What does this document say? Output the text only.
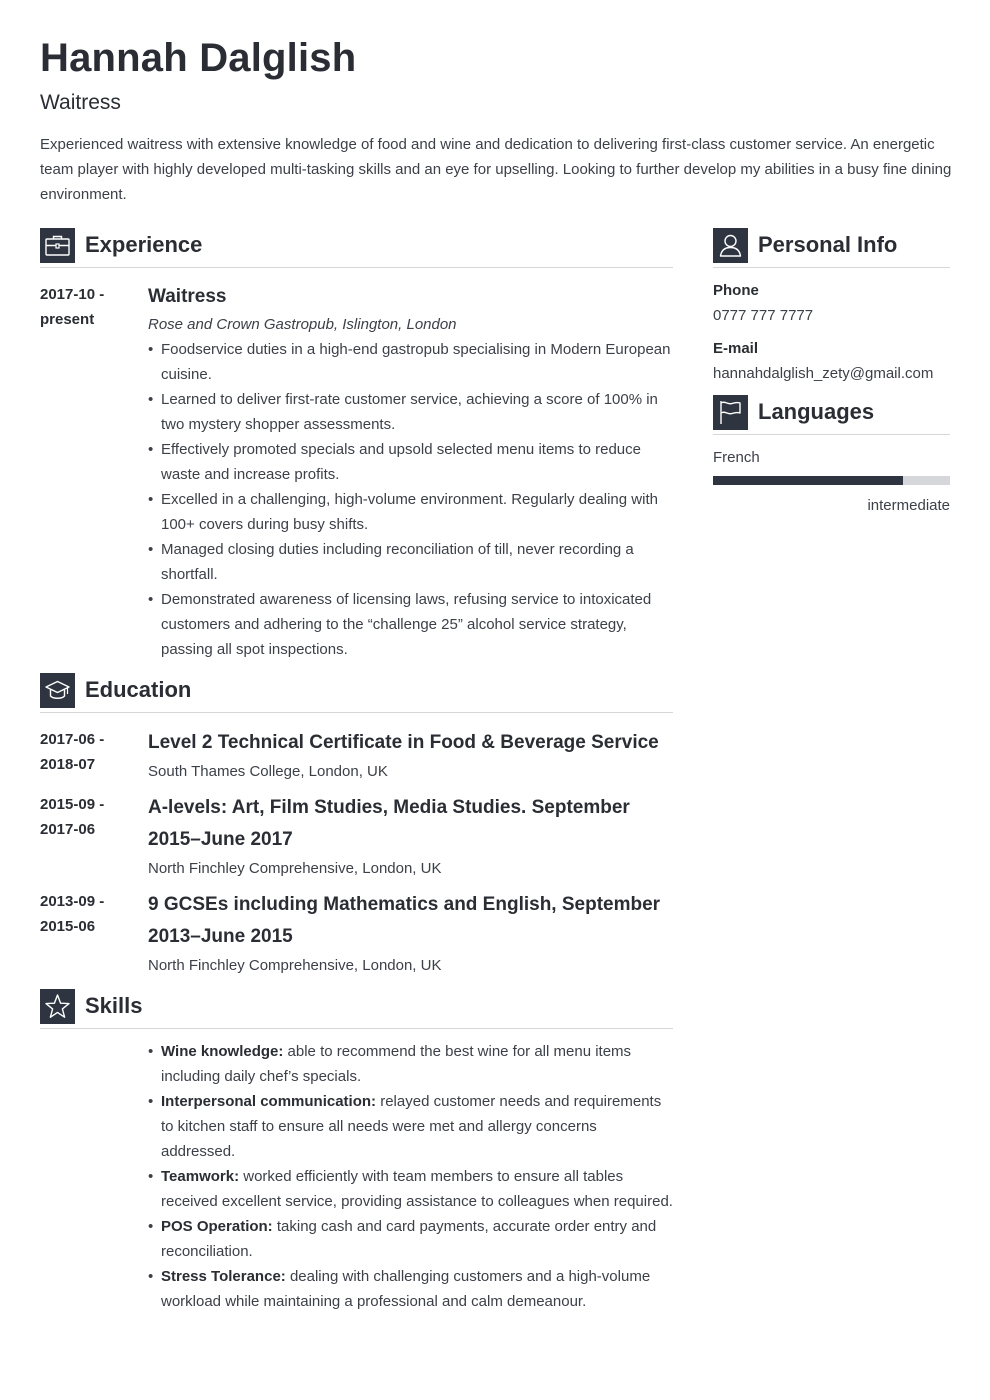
Hannah Dalglish
Waitress
Experienced waitress with extensive knowledge of food and wine and dedication to delivering first-class customer service. An energetic team player with highly developed multi-tasking skills and an eye for upselling. Looking to further develop my abilities in a busy fine dining environment.
Experience
2017-10 -
present
Waitress
Rose and Crown Gastropub, Islington, London
• Foodservice duties in a high-end gastropub specialising in Modern European cuisine.
• Learned to deliver first-rate customer service, achieving a score of 100% in two mystery shopper assessments.
• Effectively promoted specials and upsold selected menu items to reduce waste and increase profits.
• Excelled in a challenging, high-volume environment. Regularly dealing with 100+ covers during busy shifts.
• Managed closing duties including reconciliation of till, never recording a shortfall.
• Demonstrated awareness of licensing laws, refusing service to intoxicated customers and adhering to the “challenge 25” alcohol service strategy, passing all spot inspections.
Education
2017-06 -
2018-07
Level 2 Technical Certificate in Food & Beverage Service
South Thames College, London, UK
2015-09 -
2017-06
A-levels: Art, Film Studies, Media Studies. September 2015–June 2017
North Finchley Comprehensive, London, UK
2013-09 -
2015-06
9 GCSEs including Mathematics and English, September 2013–June 2015
North Finchley Comprehensive, London, UK
Skills
• Wine knowledge: able to recommend the best wine for all menu items including daily chef’s specials.
• Interpersonal communication: relayed customer needs and requirements to kitchen staff to ensure all needs were met and allergy concerns addressed.
• Teamwork: worked efficiently with team members to ensure all tables received excellent service, providing assistance to colleagues when required.
• POS Operation: taking cash and card payments, accurate order entry and reconciliation.
• Stress Tolerance: dealing with challenging customers and a high-volume workload while maintaining a professional and calm demeanour.
Personal Info
Phone
0777 777 7777
E-mail
hannahdalglish_zety@gmail.com
Languages
French
intermediate
